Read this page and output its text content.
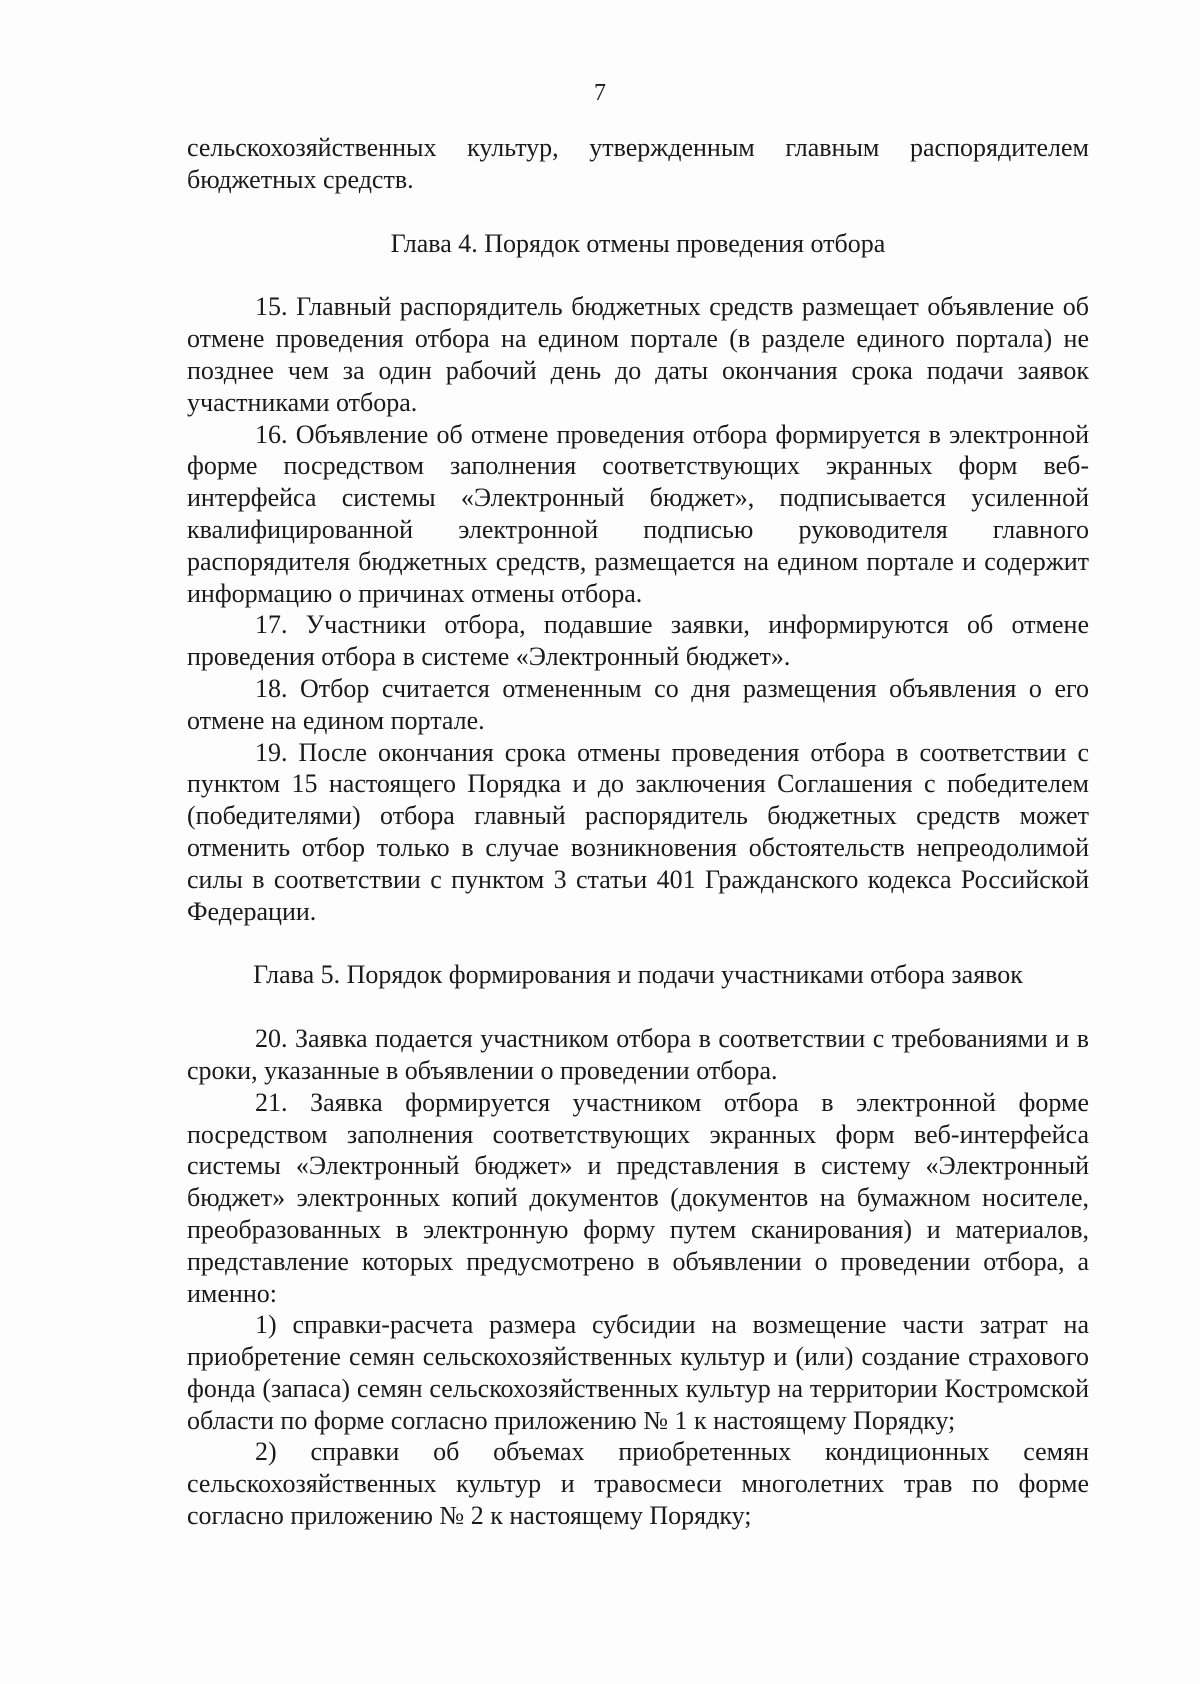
7

сельскохозяйственных культур, утвержденным главным распорядителем бюджетных средств.

Глава 4. Порядок отмены проведения отбора

15. Главный распорядитель бюджетных средств размещает объявление об отмене проведения отбора на едином портале (в разделе единого портала) не позднее чем за один рабочий день до даты окончания срока подачи заявок участниками отбора.

16. Объявление об отмене проведения отбора формируется в электронной форме посредством заполнения соответствующих экранных форм веб-интерфейса системы «Электронный бюджет», подписывается усиленной квалифицированной электронной подписью руководителя главного распорядителя бюджетных средств, размещается на едином портале и содержит информацию о причинах отмены отбора.

17. Участники отбора, подавшие заявки, информируются об отмене проведения отбора в системе «Электронный бюджет».

18. Отбор считается отмененным со дня размещения объявления о его отмене на едином портале.

19. После окончания срока отмены проведения отбора в соответствии с пунктом 15 настоящего Порядка и до заключения Соглашения с победителем (победителями) отбора главный распорядитель бюджетных средств может отменить отбор только в случае возникновения обстоятельств непреодолимой силы в соответствии с пунктом 3 статьи 401 Гражданского кодекса Российской Федерации.

Глава 5. Порядок формирования и подачи участниками отбора заявок

20. Заявка подается участником отбора в соответствии с требованиями и в сроки, указанные в объявлении о проведении отбора.

21. Заявка формируется участником отбора в электронной форме посредством заполнения соответствующих экранных форм веб-интерфейса системы «Электронный бюджет» и представления в систему «Электронный бюджет» электронных копий документов (документов на бумажном носителе, преобразованных в электронную форму путем сканирования) и материалов, представление которых предусмотрено в объявлении о проведении отбора, а именно:

1) справки-расчета размера субсидии на возмещение части затрат на приобретение семян сельскохозяйственных культур и (или) создание страхового фонда (запаса) семян сельскохозяйственных культур на территории Костромской области по форме согласно приложению № 1 к настоящему Порядку;

2) справки об объемах приобретенных кондиционных семян сельскохозяйственных культур и травосмеси многолетних трав по форме согласно приложению № 2 к настоящему Порядку;
